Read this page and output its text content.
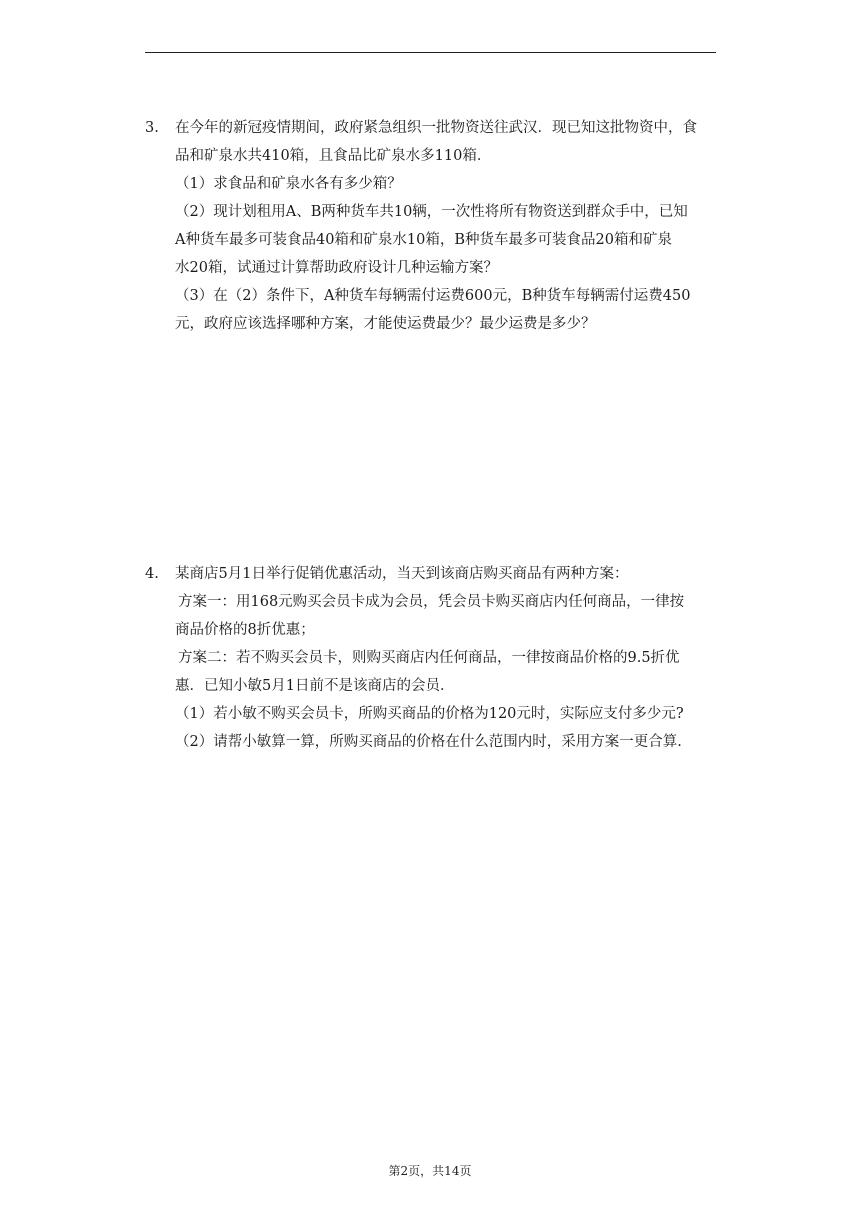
3. 在今年的新冠疫情期间，政府紧急组织一批物资送往武汉．现已知这批物资中，食
品和矿泉水共410箱，且食品比矿泉水多110箱．
（1）求食品和矿泉水各有多少箱？
（2）现计划租用A、B两种货车共10辆，一次性将所有物资送到群众手中，已知
A种货车最多可装食品40箱和矿泉水10箱，B种货车最多可装食品20箱和矿泉
水20箱，试通过计算帮助政府设计几种运输方案？
（3）在（2）条件下，A种货车每辆需付运费600元，B种货车每辆需付运费450
元，政府应该选择哪种方案，才能使运费最少？最少运费是多少？
4. 某商店5月1日举行促销优惠活动，当天到该商店购买商品有两种方案：
方案一：用168元购买会员卡成为会员，凭会员卡购买商店内任何商品，一律按
商品价格的8折优惠；
方案二：若不购买会员卡，则购买商店内任何商品，一律按商品价格的9.5折优
惠．已知小敏5月1日前不是该商店的会员．
（1）若小敏不购买会员卡，所购买商品的价格为120元时，实际应支付多少元?
（2）请帮小敏算一算，所购买商品的价格在什么范围内时，采用方案一更合算.
第2页，共14页
